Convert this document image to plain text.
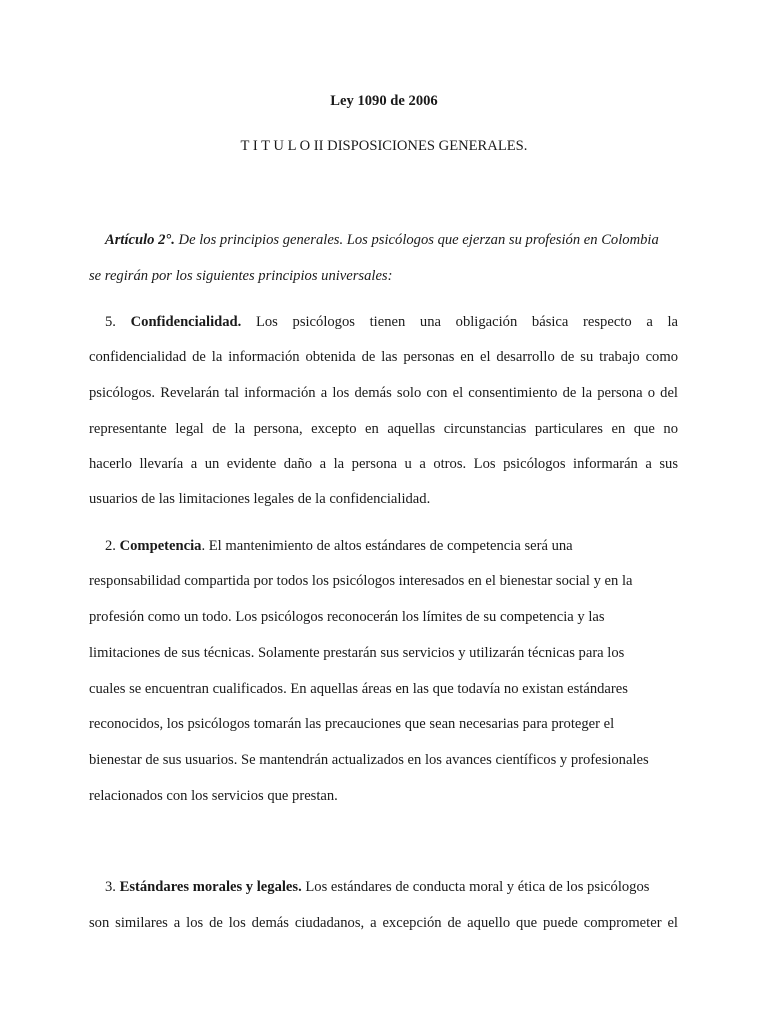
Ley 1090 de 2006
T I T U L O II DISPOSICIONES GENERALES.
Artículo 2°. De los principios generales. Los psicólogos que ejerzan su profesión en Colombia
se regirán por los siguientes principios universales:
5. Confidencialidad. Los psicólogos tienen una obligación básica respecto a la
confidencialidad de la información obtenida de las personas en el desarrollo de su trabajo como
psicólogos. Revelarán tal información a los demás solo con el consentimiento de la persona o del
representante legal de la persona, excepto en aquellas circunstancias particulares en que no
hacerlo llevaría a un evidente daño a la persona u a otros. Los psicólogos informarán a sus
usuarios de las limitaciones legales de la confidencialidad.
2. Competencia. El mantenimiento de altos estándares de competencia será una
responsabilidad compartida por todos los psicólogos interesados en el bienestar social y en la
profesión como un todo. Los psicólogos reconocerán los límites de su competencia y las
limitaciones de sus técnicas. Solamente prestarán sus servicios y utilizarán técnicas para los
cuales se encuentran cualificados. En aquellas áreas en las que todavía no existan estándares
reconocidos, los psicólogos tomarán las precauciones que sean necesarias para proteger el
bienestar de sus usuarios. Se mantendrán actualizados en los avances científicos y profesionales
relacionados con los servicios que prestan.
3. Estándares morales y legales. Los estándares de conducta moral y ética de los psicólogos
son similares a los de los demás ciudadanos, a excepción de aquello que puede comprometer el
